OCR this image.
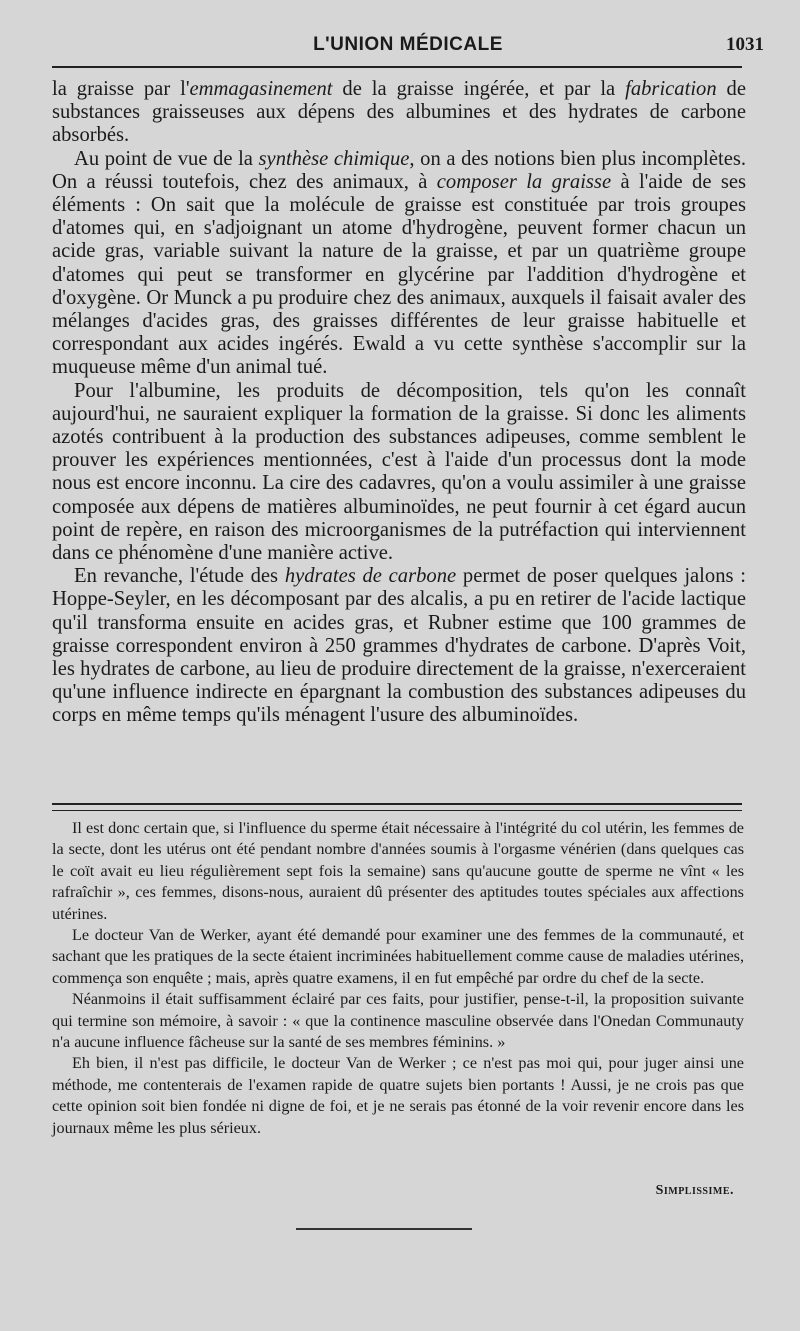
L'UNION MÉDICALE	1031

la graisse par l'emmagasinement de la graisse ingérée, et par la fabrication de substances graisseuses aux dépens des albumines et des hydrates de carbone absorbés.

Au point de vue de la synthèse chimique, on a des notions bien plus incomplètes. On a réussi toutefois, chez des animaux, à composer la graisse à l'aide de ses éléments : On sait que la molécule de graisse est constituée par trois groupes d'atomes qui, en s'adjoignant un atome d'hydrogène, peuvent former chacun un acide gras, variable suivant la nature de la graisse, et par un quatrième groupe d'atomes qui peut se transformer en glycérine par l'addition d'hydrogène et d'oxygène. Or Munck a pu produire chez des animaux, auxquels il faisait avaler des mélanges d'acides gras, des graisses différentes de leur graisse habituelle et correspondant aux acides ingérés. Ewald a vu cette synthèse s'accomplir sur la muqueuse même d'un animal tué.

Pour l'albumine, les produits de décomposition, tels qu'on les connaît aujourd'hui, ne sauraient expliquer la formation de la graisse. Si donc les aliments azotés contribuent à la production des substances adipeuses, comme semblent le prouver les expériences mentionnées, c'est à l'aide d'un processus dont la mode nous est encore inconnu. La cire des cadavres, qu'on a voulu assimiler à une graisse composée aux dépens de matières albuminoïdes, ne peut fournir à cet égard aucun point de repère, en raison des microorganismes de la putréfaction qui interviennent dans ce phénomène d'une manière active.

En revanche, l'étude des hydrates de carbone permet de poser quelques jalons : Hoppe-Seyler, en les décomposant par des alcalis, a pu en retirer de l'acide lactique qu'il transforma ensuite en acides gras, et Rubner estime que 100 grammes de graisse correspondent environ à 250 grammes d'hydrates de carbone. D'après Voit, les hydrates de carbone, au lieu de produire directement de la graisse, n'exerceraient qu'une influence indirecte en épargnant la combustion des substances adipeuses du corps en même temps qu'ils ménagent l'usure des albuminoïdes.

Il est donc certain que, si l'influence du sperme était nécessaire à l'intégrité du col utérin, les femmes de la secte, dont les utérus ont été pendant nombre d'années soumis à l'orgasme vénérien (dans quelques cas le coït avait eu lieu régulièrement sept fois la semaine) sans qu'aucune goutte de sperme ne vînt « les rafraîchir », ces femmes, disons-nous, auraient dû présenter des aptitudes toutes spéciales aux affections utérines.

Le docteur Van de Werker, ayant été demandé pour examiner une des femmes de la communauté, et sachant que les pratiques de la secte étaient incriminées habituellement comme cause de maladies utérines, commença son enquête ; mais, après quatre examens, il en fut empêché par ordre du chef de la secte.

Néanmoins il était suffisamment éclairé par ces faits, pour justifier, pense-t-il, la proposition suivante qui termine son mémoire, à savoir : « que la continence masculine observée dans l'Onedan Communauty n'a aucune influence fâcheuse sur la santé de ses membres féminins. »

Eh bien, il n'est pas difficile, le docteur Van de Werker ; ce n'est pas moi qui, pour juger ainsi une méthode, me contenterais de l'examen rapide de quatre sujets bien portants ! Aussi, je ne crois pas que cette opinion soit bien fondée ni digne de foi, et je ne serais pas étonné de la voir revenir encore dans les journaux même les plus sérieux.

Simplissime.
